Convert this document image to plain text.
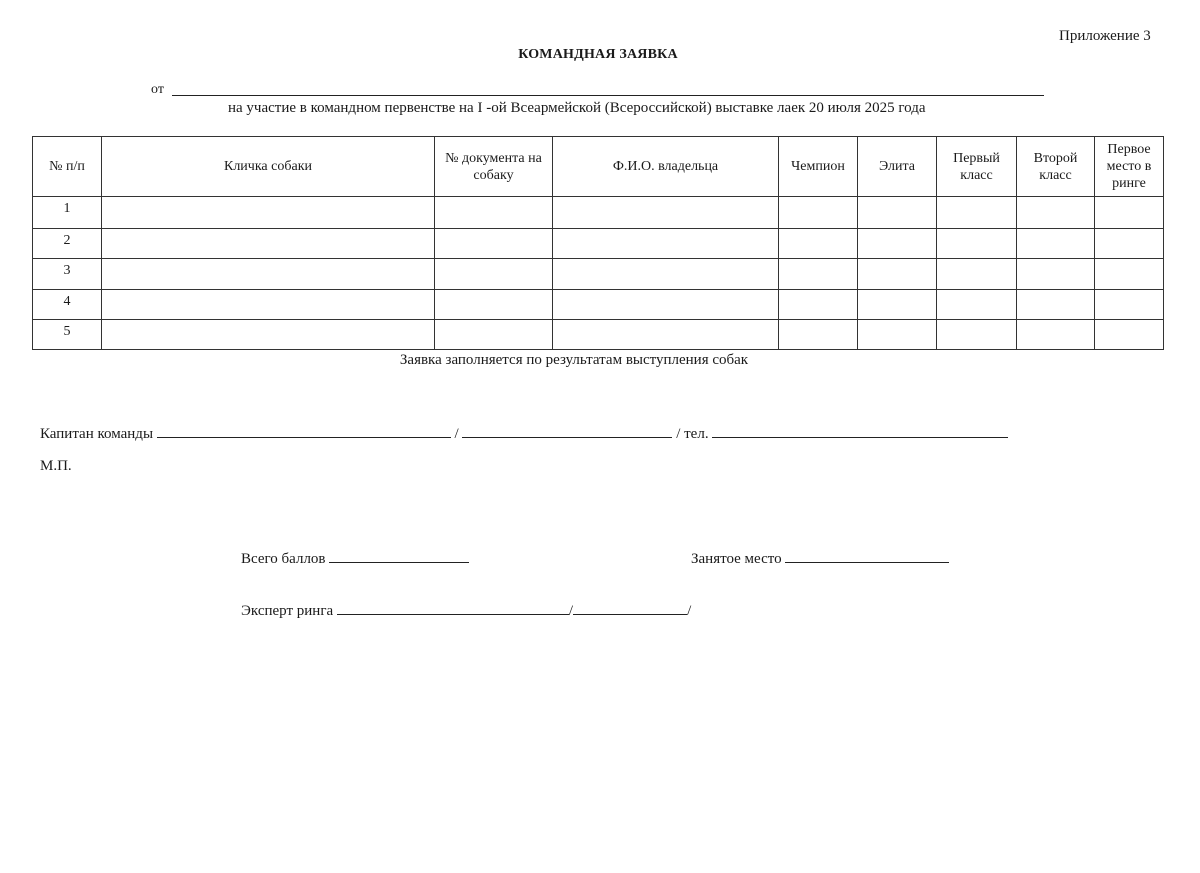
Приложение 3
КОМАНДНАЯ ЗАЯВКА
от
на участие в командном первенстве на I -ой Всеармейской (Всероссийской) выставке лаек 20 июля 2025 года
№ п/п	Кличка собаки	№ документа на собаку	Ф.И.О. владельца	Чемпион	Элита	Первый класс	Второй класс	Первое место в ринге
1								
2								
3								
4								
5								
Заявка заполняется по результатам выступления собак
Капитан команды	/	/ тел.
М.П.
Всего баллов	Занятое место
Эксперт ринга	/	/
